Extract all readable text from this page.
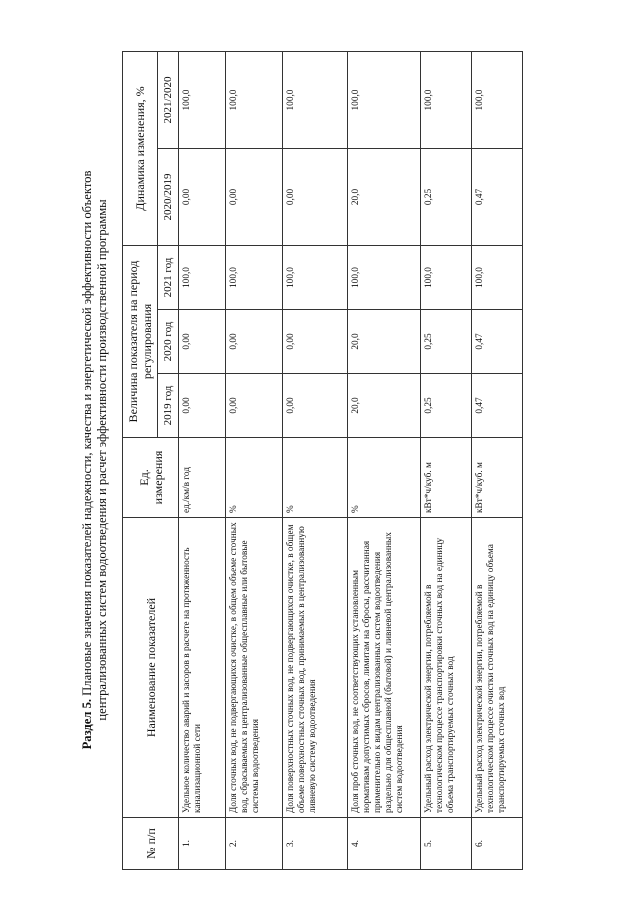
Раздел 5. Плановые значения показателей надежности, качества и энергетической эффективности объектов
централизованных систем водоотведения и расчет эффективности производственной программы
№ п/п	Наименование показателей	Ед. измерения	Величина показателя на период регулирования			Динамика изменения, %	
			2019 год	2020 год	2021 год	2020/2019	2021/2020
1.	Удельное количество аварий и засоров в расчете на протяженность канализационной сети	ед./км/в год	0,00	0,00	100,0	0,00	100,0
2.	Доля сточных вод, не подвергающихся очистке, в общем объеме сточных вод, сбрасываемых в централизованные общесплавные или бытовые системы водоотведения	%	0,00	0,00	100,0	0,00	100,0
3.	Доля поверхностных сточных вод, не подвергающихся очистке, в общем объеме поверхностных сточных вод, принимаемых в централизованную ливневую систему водоотведения	%	0,00	0,00	100,0	0,00	100,0
4.	Доля проб сточных вод, не соответствующих установленным нормативам допустимых сбросов, лимитам на сбросы, рассчитанная применительно к видам централизованных систем водоотведения раздельно для общесплавной (бытовой) и ливневой централизованных систем водоотведения	%	20,0	20,0	100,0	20,0	100,0
5.	Удельный расход электрической энергии, потребляемой в технологическом процессе транспортировки сточных вод на единицу объема транспортируемых сточных вод	кВт*ч/куб. м	0,25	0,25	100,0	0,25	100,0
6.	Удельный расход электрической энергии, потребляемой в технологическом процессе очистки сточных вод на единицу объема транспортируемых сточных вод	кВт*ч/куб. м	0,47	0,47	100,0	0,47	100,0
